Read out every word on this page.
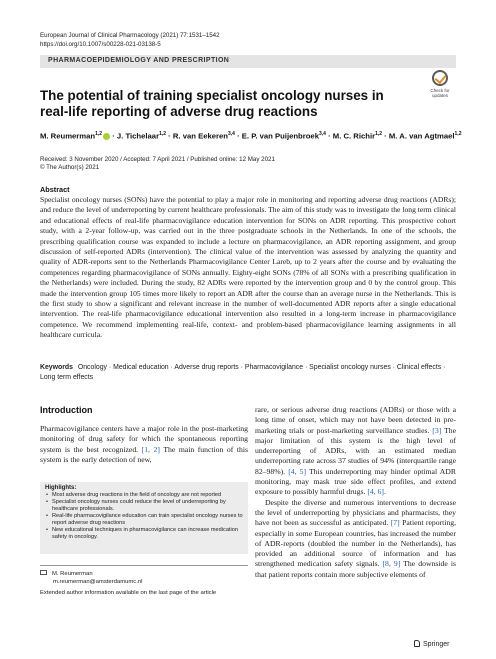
European Journal of Clinical Pharmacology (2021) 77:1531–1542
https://doi.org/10.1007/s00228-021-03138-5
PHARMACOEPIDEMIOLOGY AND PRESCRIPTION
Check for
updates
The potential of training specialist oncology nurses in real-life reporting of adverse drug reactions
M. Reumerman$^{1,2}$ · J. Tichelaar$^{1,2}$ · R. van Eekeren$^{3,4}$ · E. P. van Puijenbroek$^{3,4}$ · M. C. Richir$^{1,2}$ · M. A. van Agtmael$^{1,2}$
Received: 3 November 2020 / Accepted: 7 April 2021 / Published online: 12 May 2021
© The Author(s) 2021
Abstract

Specialist oncology nurses (SONs) have the potential to play a major role in monitoring and reporting adverse drug reactions (ADRs); and reduce the level of underreporting by current healthcare professionals. The aim of this study was to investigate the long term clinical and educational effects of real-life pharmacovigilance education intervention for SONs on ADR reporting. This prospective cohort study, with a 2-year follow-up, was carried out in the three postgraduate schools in the Netherlands. In one of the schools, the prescribing qualification course was expanded to include a lecture on pharmacovigilance, an ADR reporting assignment, and group discussion of self-reported ADRs (intervention). The clinical value of the intervention was assessed by analyzing the quantity and quality of ADR-reports sent to the Netherlands Pharmacovigilance Center Lareb, up to 2 years after the course and by evaluating the competences regarding pharmacovigilance of SONs annually. Eighty-eight SONs (78% of all SONs with a prescribing qualification in the Netherlands) were included. During the study, 82 ADRs were reported by the intervention group and 0 by the control group. This made the intervention group 105 times more likely to report an ADR after the course than an average nurse in the Netherlands. This is the first study to show a significant and relevant increase in the number of well-documented ADR reports after a single educational intervention. The real-life pharmacovigilance educational intervention also resulted in a long-term increase in pharmacovigilance competence. We recommend implementing real-life, context- and problem-based pharmacovigilance learning assignments in all healthcare curricula.

Keywords Oncology · Medical education · Adverse drug reports · Pharmacovigilance · Specialist oncology nurses · Clinical effects · Long term effects
Introduction

Pharmacovigilance centers have a major role in the post-marketing monitoring of drug safety for which the spontaneous reporting system is the best recognized. [1, 2] The main function of this system is the early detection of new,

Highlights:
• Most adverse drug reactions in the field of oncology are not reported
• Specialist oncology nurses could reduce the level of underreporting by healthcare professionals.
• Real-life pharmacovigilance education can train specialist oncology nurses to report adverse drug reactions
• New educational techniques in pharmacovigilance can increase medication safety in oncology.
M. Reumerman
m.reumerman@amsterdamumc.nl
Extended author information available on the last page of the article

rare, or serious adverse drug reactions (ADRs) or those with a long time of onset, which may not have been detected in pre-marketing trials or post-marketing surveillance studies. [3] The major limitation of this system is the high level of underreporting of ADRs, with an estimated median underreporting rate across 37 studies of 94% (interquartile range 82–98%). [4, 5] This underreporting may hinder optimal ADR monitoring, may mask true side effect profiles, and extend exposure to possibly harmful drugs. [4, 6].

Despite the diverse and numerous interventions to decrease the level of underreporting by physicians and pharmacists, they have not been as successful as anticipated. [7] Patient reporting, especially in some European countries, has increased the number of ADR-reports (doubled the number in the Netherlands), has provided an additional source of information and has strengthened medication safety signals. [8, 9] The downside is that patient reports contain more subjective elements of

Springer
